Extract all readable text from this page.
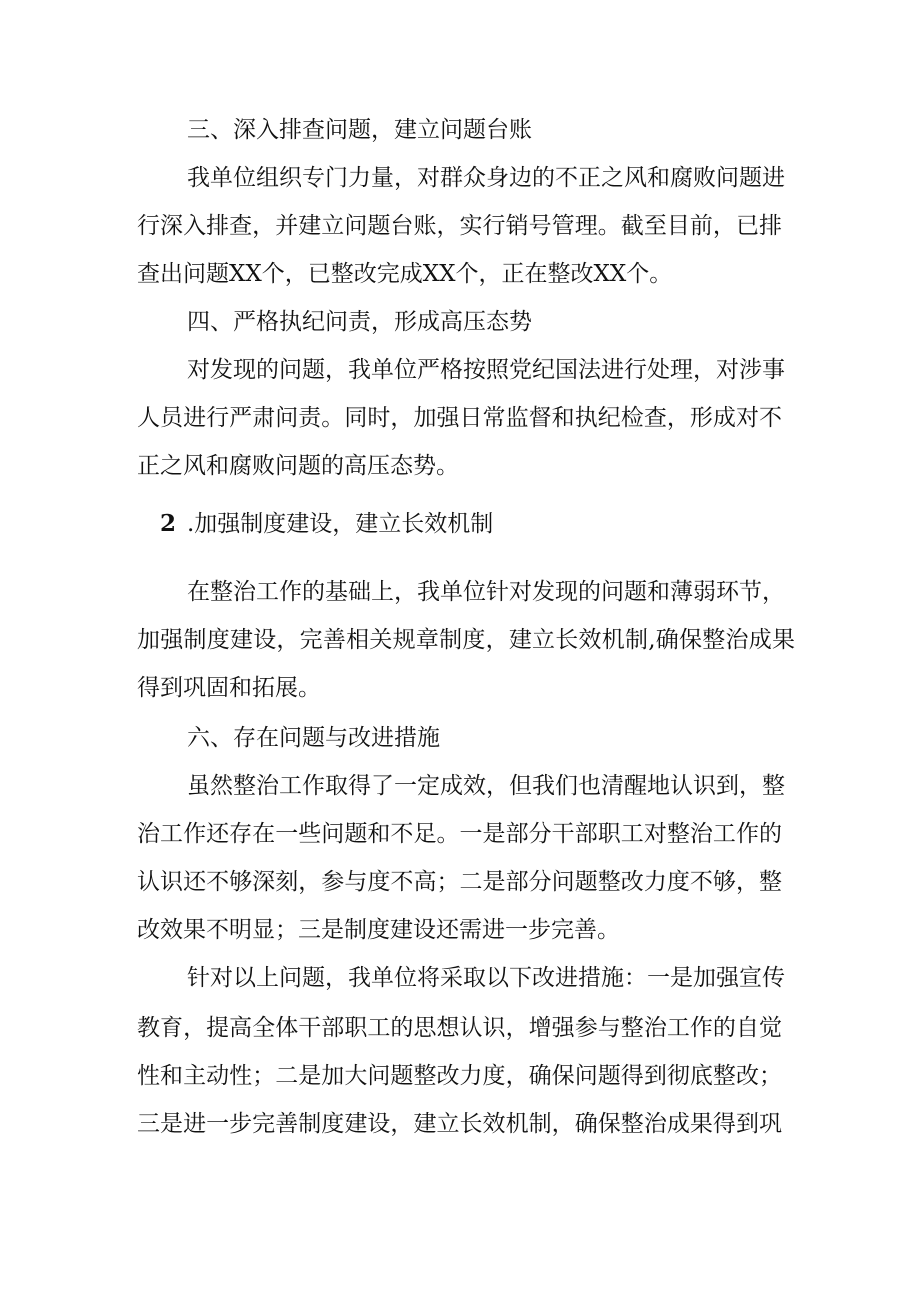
三、深入排查问题，建立问题台账
我单位组织专门力量，对群众身边的不正之风和腐败问题进
行深入排查，并建立问题台账，实行销号管理。截至目前，已排
查出问题XX个，已整改完成XX个，正在整改XX个。
四、严格执纪问责，形成高压态势
对发现的问题，我单位严格按照党纪国法进行处理，对涉事
人员进行严肃问责。同时，加强日常监督和执纪检查，形成对不
正之风和腐败问题的高压态势。
2 .加强制度建设，建立长效机制
在整治工作的基础上，我单位针对发现的问题和薄弱环节，
加强制度建设，完善相关规章制度，建立长效机制,确保整治成果
得到巩固和拓展。
六、存在问题与改进措施
虽然整治工作取得了一定成效，但我们也清醒地认识到，整
治工作还存在一些问题和不足。一是部分干部职工对整治工作的
认识还不够深刻，参与度不高；二是部分问题整改力度不够，整
改效果不明显；三是制度建设还需进一步完善。
针对以上问题，我单位将采取以下改进措施：一是加强宣传
教育，提高全体干部职工的思想认识，增强参与整治工作的自觉
性和主动性；二是加大问题整改力度，确保问题得到彻底整改；
三是进一步完善制度建设，建立长效机制，确保整治成果得到巩
